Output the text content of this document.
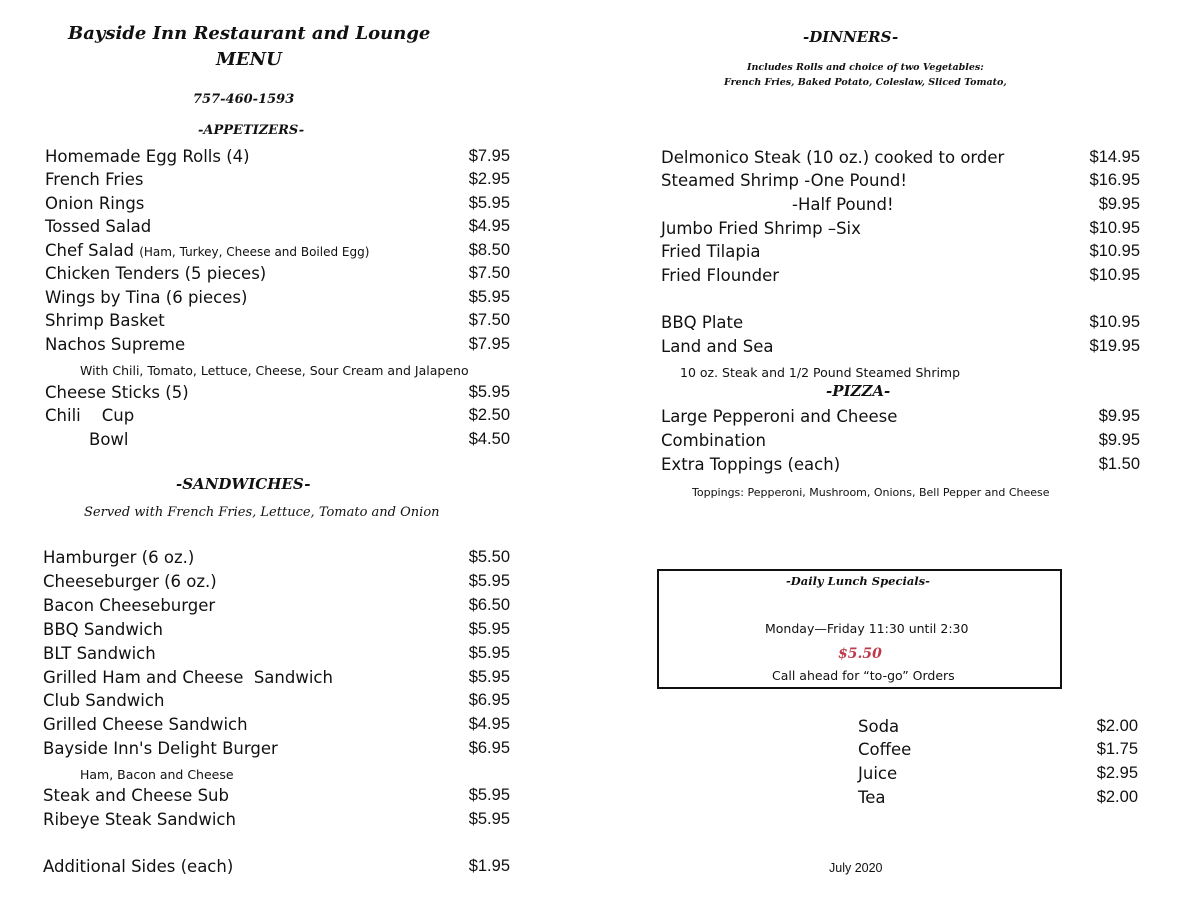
Bayside Inn Restaurant and Lounge
MENU
757-460-1593
-APPETIZERS-
Homemade Egg Rolls (4)	$7.95
French Fries	$2.95
Onion Rings	$5.95
Tossed Salad	$4.95
Chef Salad (Ham, Turkey, Cheese and Boiled Egg)	$8.50
Chicken Tenders (5 pieces)	$7.50
Wings by Tina (6 pieces)	$5.95
Shrimp Basket	$7.50
Nachos Supreme	$7.95
With Chili, Tomato, Lettuce, Cheese, Sour Cream and Jalapeno
Cheese Sticks (5)	$5.95
Chili    Cup	$2.50
Bowl	$4.50
-SANDWICHES-
Served with French Fries, Lettuce, Tomato and Onion
Hamburger (6 oz.)	$5.50
Cheeseburger (6 oz.)	$5.95
Bacon Cheeseburger	$6.50
BBQ Sandwich	$5.95
BLT Sandwich	$5.95
Grilled Ham and Cheese  Sandwich	$5.95
Club Sandwich	$6.95
Grilled Cheese Sandwich	$4.95
Bayside Inn's Delight Burger	$6.95
Ham, Bacon and Cheese
Steak and Cheese Sub	$5.95
Ribeye Steak Sandwich	$5.95
Additional Sides (each)	$1.95
-DINNERS-
Includes Rolls and choice of two Vegetables:
French Fries, Baked Potato, Coleslaw, Sliced Tomato,
Delmonico Steak (10 oz.) cooked to order	$14.95
Steamed Shrimp -One Pound!	$16.95
-Half Pound!	$9.95
Jumbo Fried Shrimp –Six	$10.95
Fried Tilapia	$10.95
Fried Flounder	$10.95
BBQ Plate	$10.95
Land and Sea	$19.95
10 oz. Steak and 1/2 Pound Steamed Shrimp
-PIZZA-
Large Pepperoni and Cheese	$9.95
Combination	$9.95
Extra Toppings (each)	$1.50
Toppings: Pepperoni, Mushroom, Onions, Bell Pepper and Cheese
-Daily Lunch Specials-
Monday—Friday 11:30 until 2:30
$5.50
Call ahead for “to-go” Orders
Soda	$2.00
Coffee	$1.75
Juice	$2.95
Tea	$2.00
July 2020
